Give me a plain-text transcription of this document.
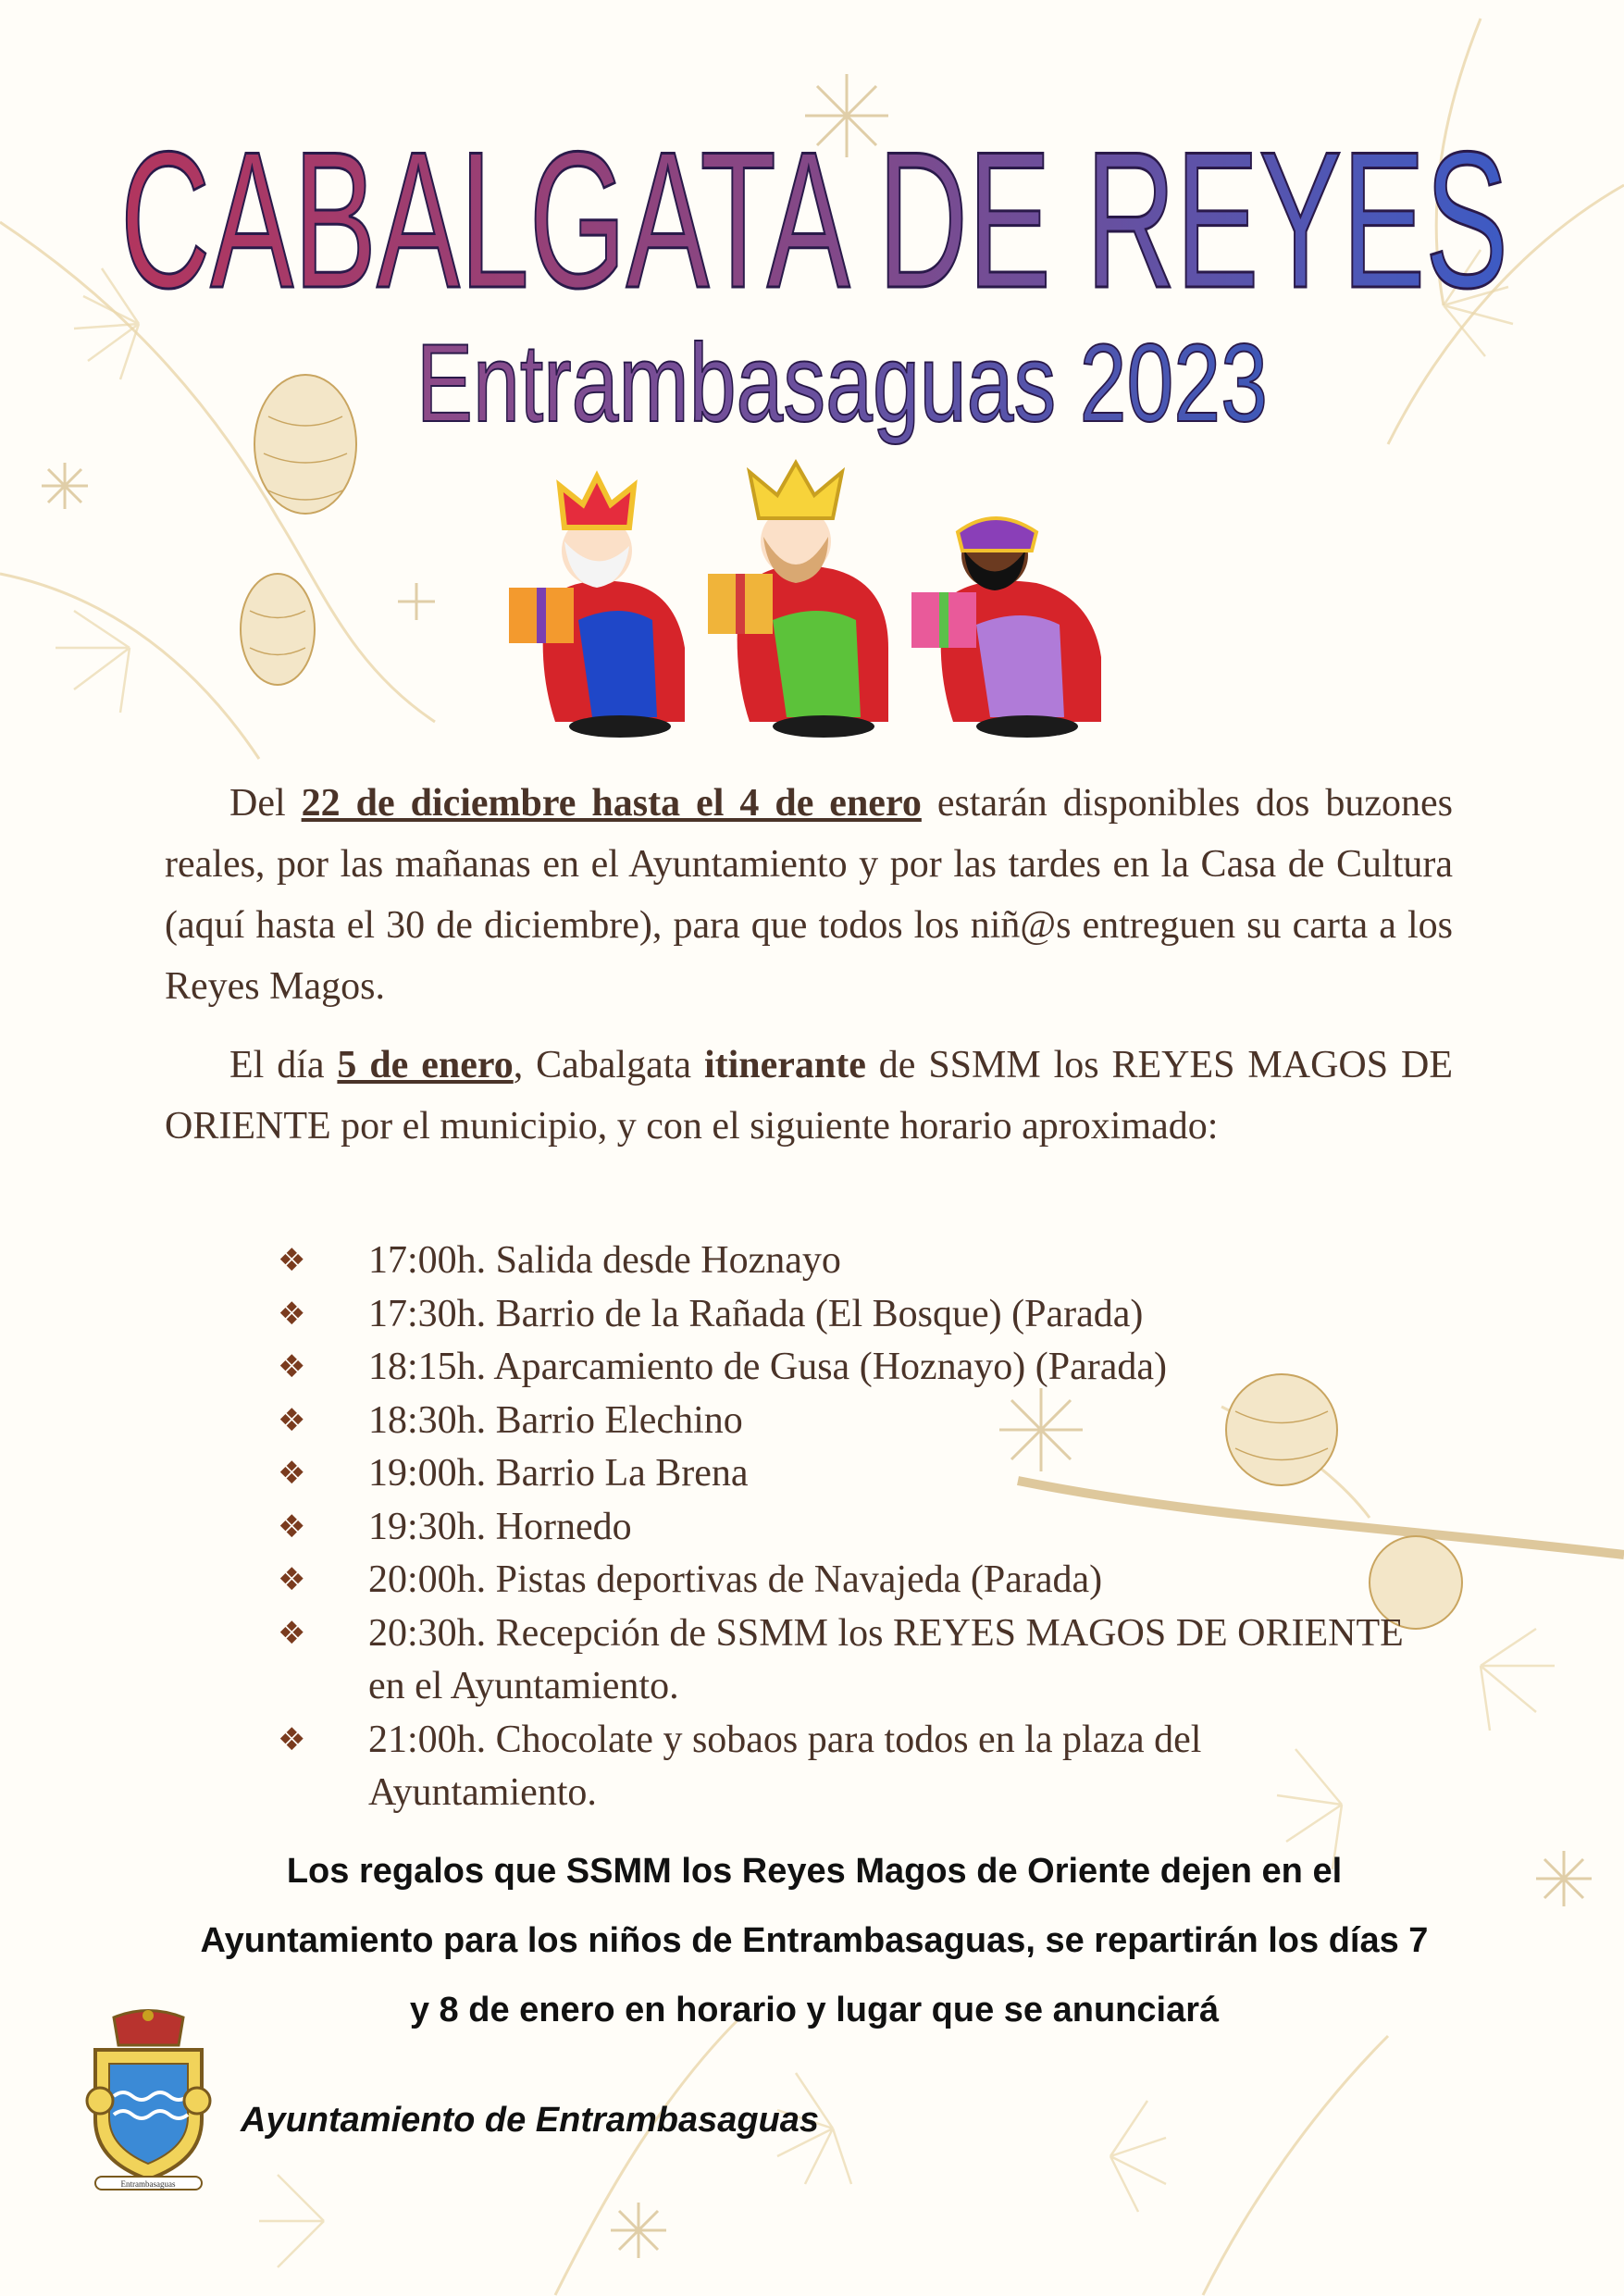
CABALGATA DE REYES
Entrambasaguas 2023
Del 22 de diciembre hasta el 4 de enero estarán disponibles dos buzones reales, por las mañanas en el Ayuntamiento y por las tardes en la Casa de Cultura (aquí hasta el 30 de diciembre), para que todos los niñ@s entreguen su carta a los Reyes Magos.
El día 5 de enero, Cabalgata itinerante de SSMM los REYES MAGOS DE ORIENTE por el municipio, y con el siguiente horario aproximado:
❖ 17:00h. Salida desde Hoznayo
❖ 17:30h. Barrio de la Rañada (El Bosque) (Parada)
❖ 18:15h. Aparcamiento de Gusa (Hoznayo) (Parada)
❖ 18:30h. Barrio Elechino
❖ 19:00h. Barrio La Brena
❖ 19:30h. Hornedo
❖ 20:00h. Pistas deportivas de Navajeda (Parada)
❖ 20:30h. Recepción de SSMM los REYES MAGOS DE ORIENTE en el Ayuntamiento.
❖ 21:00h. Chocolate y sobaos para todos en la plaza del Ayuntamiento.
Los regalos que SSMM los Reyes Magos de Oriente dejen en el
Ayuntamiento para los niños de Entrambasaguas, se repartirán los días 7
y 8 de enero en horario y lugar que se anunciará
Entrambasaguas
Ayuntamiento de Entrambasaguas
